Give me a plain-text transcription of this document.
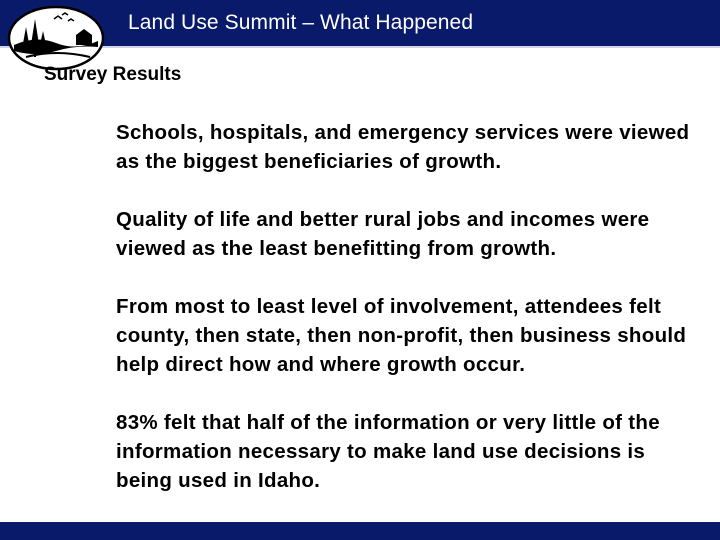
Land Use Summit – What Happened
Survey Results

Schools, hospitals, and emergency services were viewed as the biggest beneficiaries of growth.

Quality of life and better rural jobs and incomes were viewed as the least benefitting from growth.

From most to least level of involvement, attendees felt county, then state, then non-profit, then business should help direct how and where growth occur.

83% felt that half of the information or very little of the information necessary to make land use decisions is being used in Idaho.
